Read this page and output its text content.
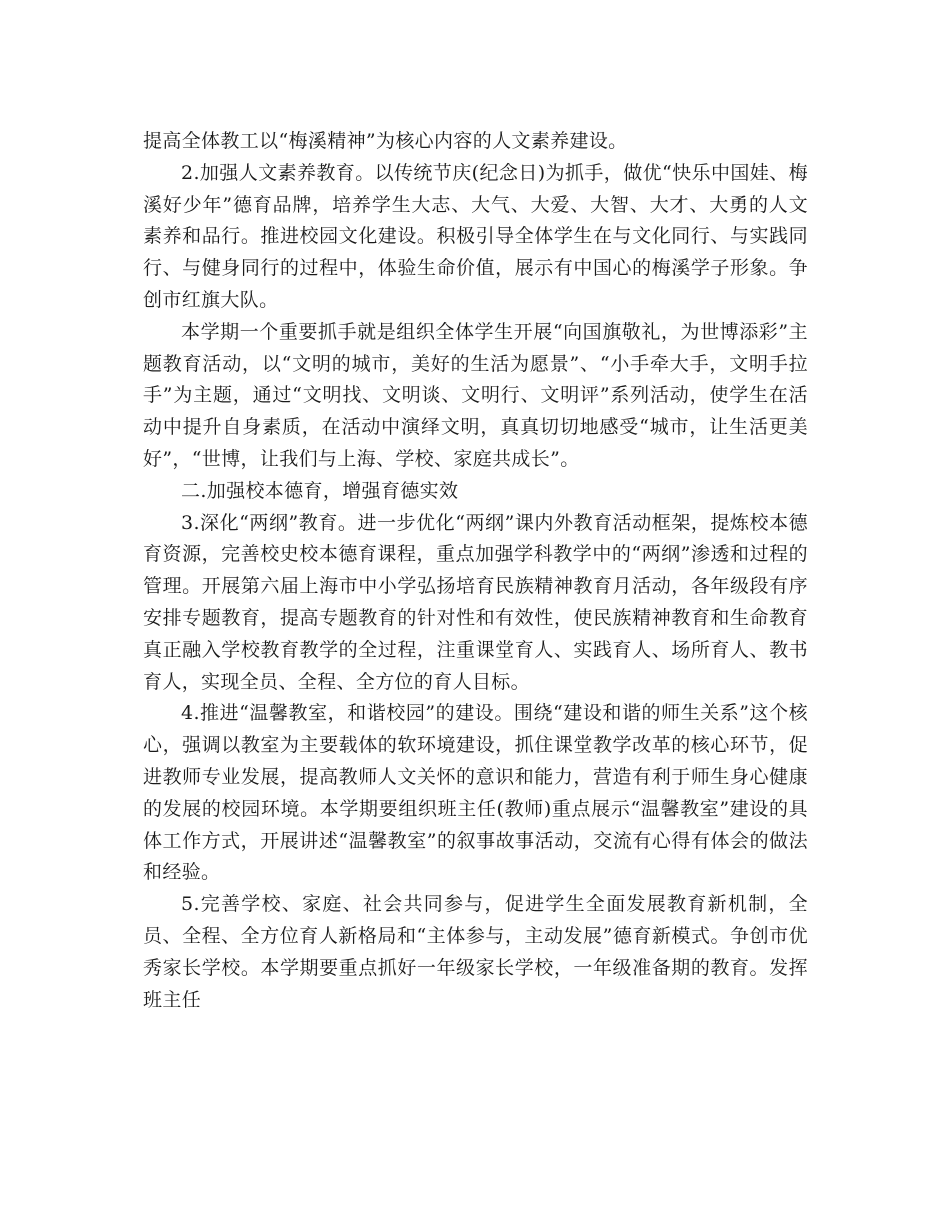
提高全体教工以“梅溪精神”为核心内容的人文素养建设。

2.加强人文素养教育。以传统节庆(纪念日)为抓手，做优“快乐中国娃、梅溪好少年”德育品牌，培养学生大志、大气、大爱、大智、大才、大勇的人文素养和品行。推进校园文化建设。积极引导全体学生在与文化同行、与实践同行、与健身同行的过程中，体验生命价值，展示有中国心的梅溪学子形象。争创市红旗大队。

本学期一个重要抓手就是组织全体学生开展“向国旗敬礼，为世博添彩”主题教育活动，以“文明的城市，美好的生活为愿景”、“小手牵大手，文明手拉手”为主题，通过“文明找、文明谈、文明行、文明评”系列活动，使学生在活动中提升自身素质，在活动中演绎文明，真真切切地感受“城市，让生活更美好”，“世博，让我们与上海、学校、家庭共成长”。

二.加强校本德育，增强育德实效

3.深化“两纲”教育。进一步优化“两纲”课内外教育活动框架，提炼校本德育资源，完善校史校本德育课程，重点加强学科教学中的“两纲”渗透和过程的管理。开展第六届上海市中小学弘扬培育民族精神教育月活动，各年级段有序安排专题教育，提高专题教育的针对性和有效性，使民族精神教育和生命教育真正融入学校教育教学的全过程，注重课堂育人、实践育人、场所育人、教书育人，实现全员、全程、全方位的育人目标。

4.推进“温馨教室，和谐校园”的建设。围绕“建设和谐的师生关系”这个核心，强调以教室为主要载体的软环境建设，抓住课堂教学改革的核心环节，促进教师专业发展，提高教师人文关怀的意识和能力，营造有利于师生身心健康的发展的校园环境。本学期要组织班主任(教师)重点展示“温馨教室”建设的具体工作方式，开展讲述“温馨教室”的叙事故事活动，交流有心得有体会的做法和经验。

5.完善学校、家庭、社会共同参与，促进学生全面发展教育新机制，全员、全程、全方位育人新格局和“主体参与，主动发展”德育新模式。争创市优秀家长学校。本学期要重点抓好一年级家长学校，一年级准备期的教育。发挥班主任
